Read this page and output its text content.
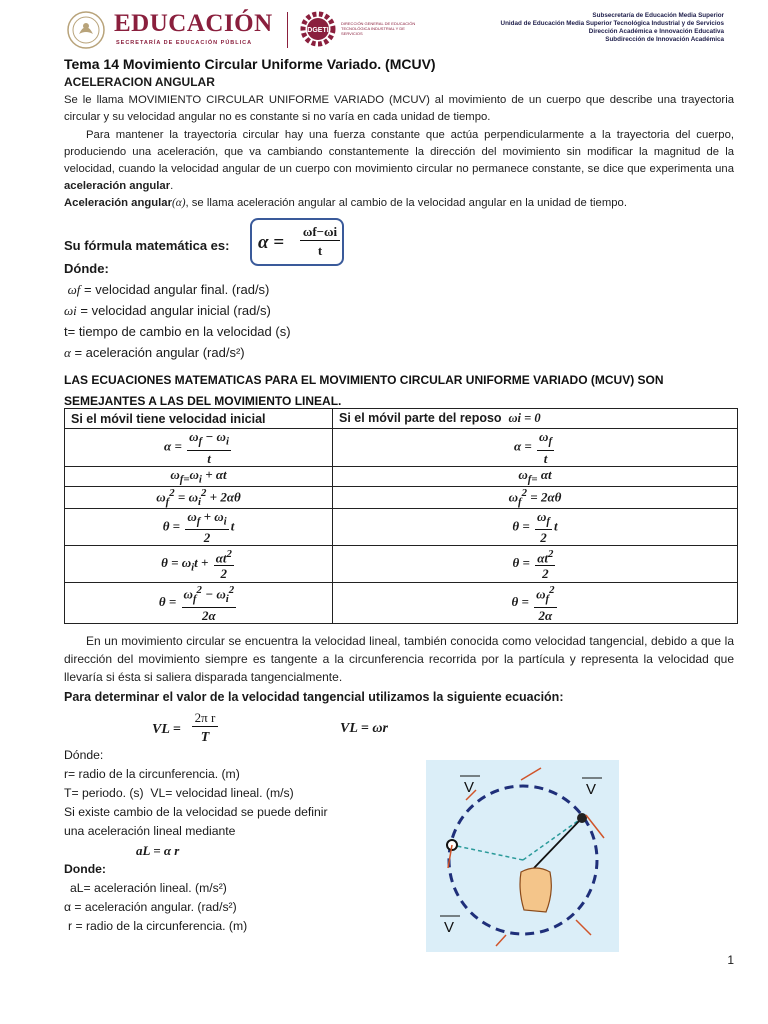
EDUCACIÓN
SECRETARÍA DE EDUCACIÓN PÚBLICA
DGETI
DIRECCIÓN GENERAL DE EDUCACIÓN TECNOLÓGICA INDUSTRIAL Y DE SERVICIOS
Subsecretaría de Educación Media Superior
Unidad de Educación Media Superior Tecnológica Industrial y de Servicios
Dirección Académica e Innovación Educativa
Subdirección de Innovación Académica
Tema 14 Movimiento Circular Uniforme Variado. (MCUV)
ACELERACION ANGULAR
Se le llama MOVIMIENTO CIRCULAR UNIFORME VARIADO (MCUV) al movimiento de un cuerpo que describe una trayectoria circular y su velocidad angular no es constante si no varía en cada unidad de tiempo.
Para mantener la trayectoria circular hay una fuerza constante que actúa perpendicularmente a la trayectoria del cuerpo, produciendo una aceleración, que va cambiando constantemente la dirección del movimiento sin modificar la magnitud de la velocidad, cuando la velocidad angular de un cuerpo con movimiento circular no permanece constante, se dice que experimenta una aceleración angular.
Aceleración angular(α), se llama aceleración angular al cambio de la velocidad angular en la unidad de tiempo.
Su fórmula matemática es: α =
ωf−ωi
t
Dónde:
ωf = velocidad angular final. (rad/s)
ωi = velocidad angular inicial (rad/s)
t= tiempo de cambio en la velocidad (s)
α = aceleración angular (rad/s²)
LAS ECUACIONES MATEMATICAS PARA EL MOVIMIENTO CIRCULAR UNIFORME VARIADO (MCUV) SON SEMEJANTES A LAS DEL MOVIMIENTO LINEAL.
Si el móvil tiene velocidad inicial	Si el móvil parte del reposo ωi = 0
$\alpha = \frac{\omega_f - \omega_i}{t}$	$\alpha = \frac{\omega_f}{t}$

$\omega_{f=}\omega_i + \alpha t$	$\omega_{f=}$ αt
$\omega_f^2 = \omega_i^2 + 2\alpha\theta$	$\omega_f^2 = 2\alpha\theta$
$\theta = \frac{\omega_f + \omega_i}{2}$ t	$\theta = \frac{\omega_f}{2}$ t
$\theta = \omega_it + \frac{\alpha t^2}{2}$	$\theta = \frac{\alpha t^2}{2}$

$\theta = \frac{\omega_f^2 - \omega_i^2}{2\alpha}$	$\theta = \frac{\omega_f^2}{2\alpha}$
En un movimiento circular se encuentra la velocidad lineal, también conocida como velocidad tangencial, debido a que la dirección del movimiento siempre es tangente a la circunferencia recorrida por la partícula y representa la velocidad que llevaría si ésta si saliera disparada tangencialmente.
Para determinar el valor de la velocidad tangencial utilizamos la siguiente ecuación:
VL =
2π r
T
VL = ωr
Dónde:
r= radio de la circunferencia. (m)
T= periodo. (s) VL= velocidad lineal. (m/s)
Si existe cambio de la velocidad se puede definir
una aceleración lineal mediante
aL = α r
Donde:
aL= aceleración lineal. (m/s²)
α = aceleración angular. (rad/s²)
r = radio de la circunferencia. (m)
V	V
V
1
